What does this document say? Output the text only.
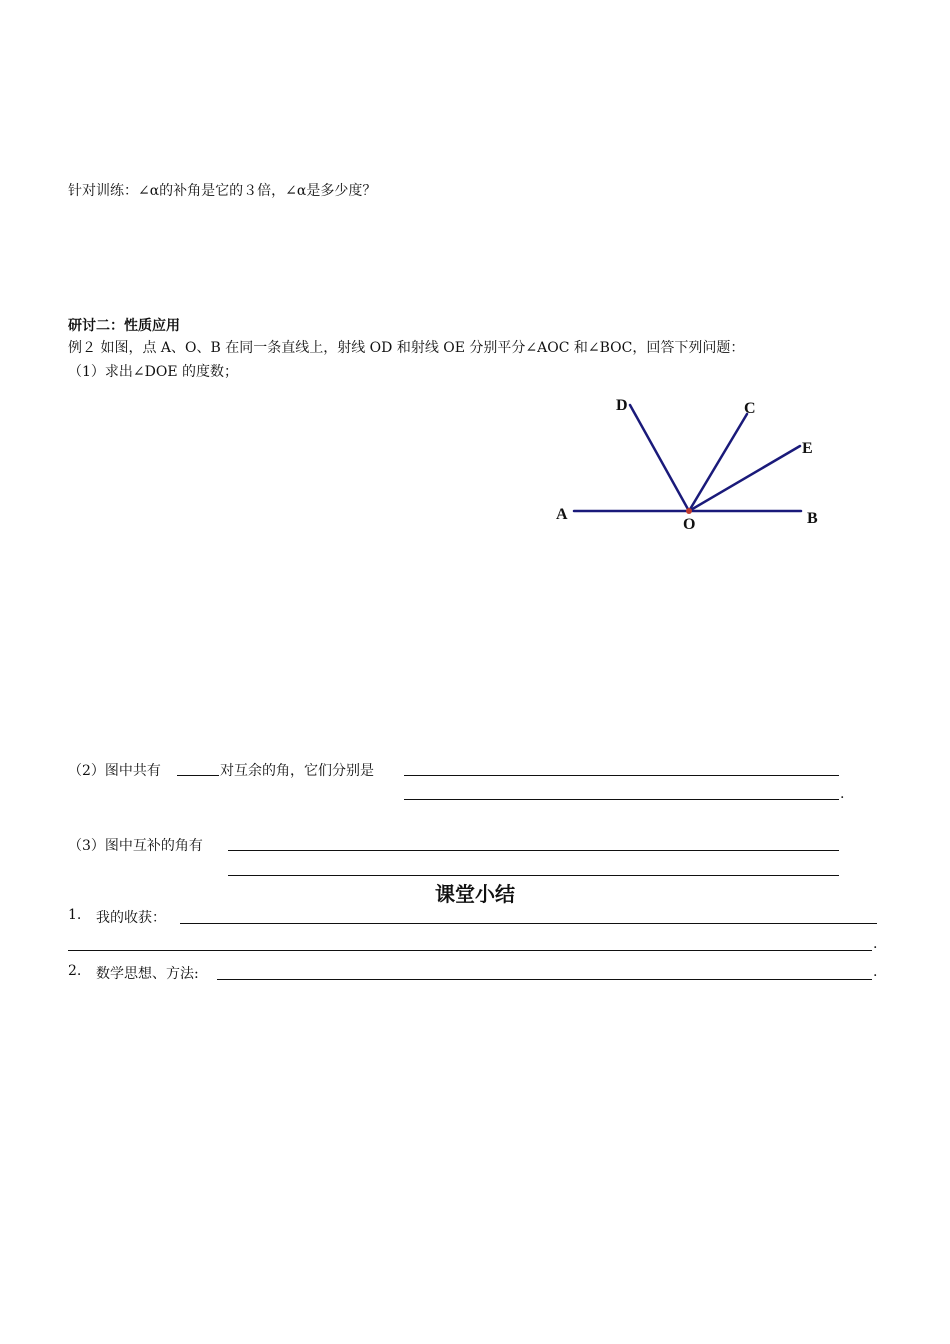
针对训练：∠α的补角是它的３倍，∠α是多少度？
研讨二：性质应用
例２ 如图，点 A、O、B 在同一条直线上，射线 OD 和射线 OE 分别平分∠AOC 和∠BOC，回答下列问题：
（1）求出∠DOE 的度数；
A
O	B
D	C
E
（2）图中共有	对互余的角，它们分别是
.
（3）图中互补的角有
课堂小结
1. 我的收获：
.
2. 数学思想、方法:	.
